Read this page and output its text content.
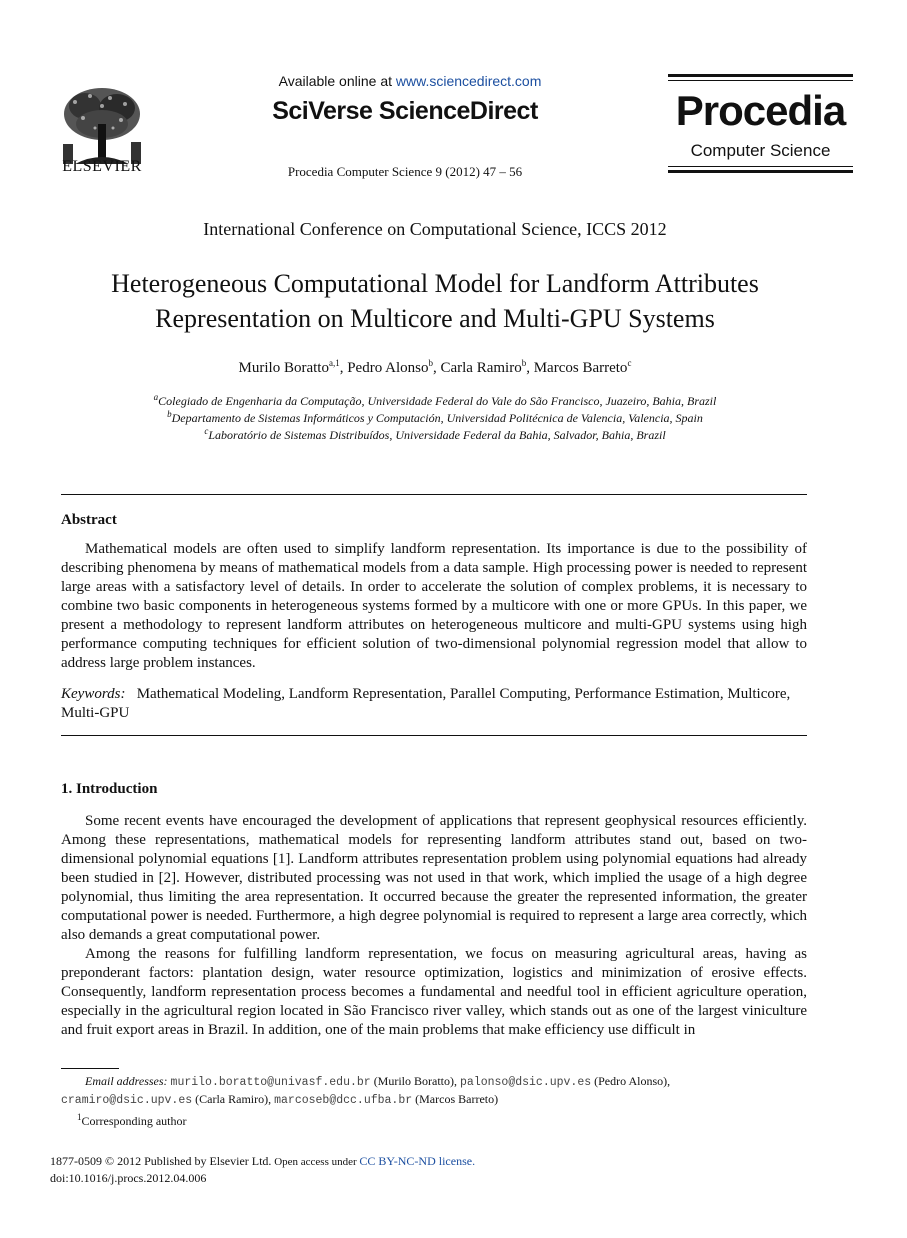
ELSEVIER
Available online at www.sciencedirect.com
SciVerse ScienceDirect
Procedia Computer Science 9 (2012) 47 – 56
Procedia
Computer Science
International Conference on Computational Science, ICCS 2012
Heterogeneous Computational Model for Landform Attributes
Representation on Multicore and Multi-GPU Systems
Murilo Boratto$^{a,1}$, Pedro Alonso$^b$, Carla Ramiro$^b$, Marcos Barreto$^c$
$^a$Colegiado de Engenharia da Computação, Universidade Federal do Vale do São Francisco, Juazeiro, Bahia, Brazil
$^b$Departamento de Sistemas Informáticos y Computación, Universidad Politécnica de Valencia, Valencia, Spain
$^c$Laboratório de Sistemas Distribuídos, Universidade Federal da Bahia, Salvador, Bahia, Brazil
Abstract

Mathematical models are often used to simplify landform representation. Its importance is due to the possibility of describing phenomena by means of mathematical models from a data sample. High processing power is needed to represent large areas with a satisfactory level of details. In order to accelerate the solution of complex problems, it is necessary to combine two basic components in heterogeneous systems formed by a multicore with one or more GPUs. In this paper, we present a methodology to represent landform attributes on heterogeneous multicore and multi-GPU systems using high performance computing techniques for efficient solution of two-dimensional polynomial regression model that allow to address large problem instances.

Keywords: Mathematical Modeling, Landform Representation, Parallel Computing, Performance Estimation, Multicore, Multi-GPU
1. Introduction

Some recent events have encouraged the development of applications that represent geophysical resources efficiently. Among these representations, mathematical models for representing landform attributes stand out, based on two-dimensional polynomial equations [1]. Landform attributes representation problem using polynomial equations had already been studied in [2]. However, distributed processing was not used in that work, which implied the usage of a high degree polynomial, thus limiting the area representation. It occurred because the greater the represented information, the greater computational power is needed. Furthermore, a high degree polynomial is required to represent a large area correctly, which also demands a great computational power.

Among the reasons for fulfilling landform representation, we focus on measuring agricultural areas, having as preponderant factors: plantation design, water resource optimization, logistics and minimization of erosive effects. Consequently, landform representation process becomes a fundamental and needful tool in efficient agriculture operation, especially in the agricultural region located in São Francisco river valley, which stands out as one of the largest viniculture and fruit export areas in Brazil. In addition, one of the main problems that make efficiency use difficult in

Email addresses: murilo.boratto@univasf.edu.br (Murilo Boratto), palonso@dsic.upv.es (Pedro Alonso),
cramiro@dsic.upv.es (Carla Ramiro), marcoseb@dcc.ufba.br (Marcos Barreto)
$^1$Corresponding author
1877-0509 © 2012 Published by Elsevier Ltd. Open access under CC BY-NC-ND license.
doi:10.1016/j.procs.2012.04.006
